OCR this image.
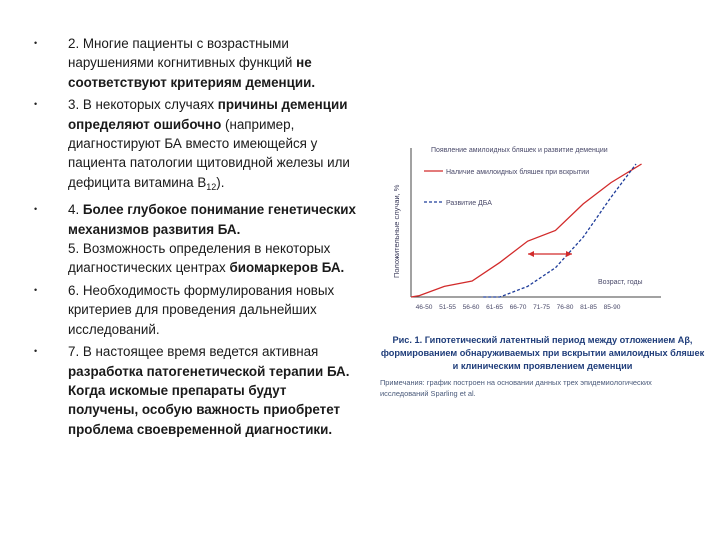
• 2. Многие пациенты с возрастными нарушениями когнитивных функций не соответствуют критериям деменции.
• 3. В некоторых случаях причины деменции определяют ошибочно (например, диагностируют БА вместо имеющейся у пациента патологии щитовидной железы или дефицита витамина $В_{12}$).
• 4. Более глубокое понимание генетических механизмов развития БА.
5. Возможность определения в некоторых диагностических центрах биомаркеров БА.
• 6. Необходимость формулирования новых критериев для проведения дальнейших исследований.
• 7. В настоящее время ведется активная разработка патогенетической терапии БА. Когда искомые препараты будут получены, особую важность приобретет проблема своевременной диагностики.
Положительные случаи, %
Появление амилоидных бляшек и развитие деменции
Наличие амилоидных бляшек при вскрытии
Развитие ДБА
Возраст, годы
46-50 51-55 56-60 61-65 66-70 71-75 76-80 81-85 85-90
Рис. 1. Гипотетический латентный период между отложением Аβ, формированием обнаруживаемых при вскрытии амилоидных бляшек и клиническим проявлением деменции
Примечания: график построен на основании данных трех эпидемиологических исследований Sparling et al.
